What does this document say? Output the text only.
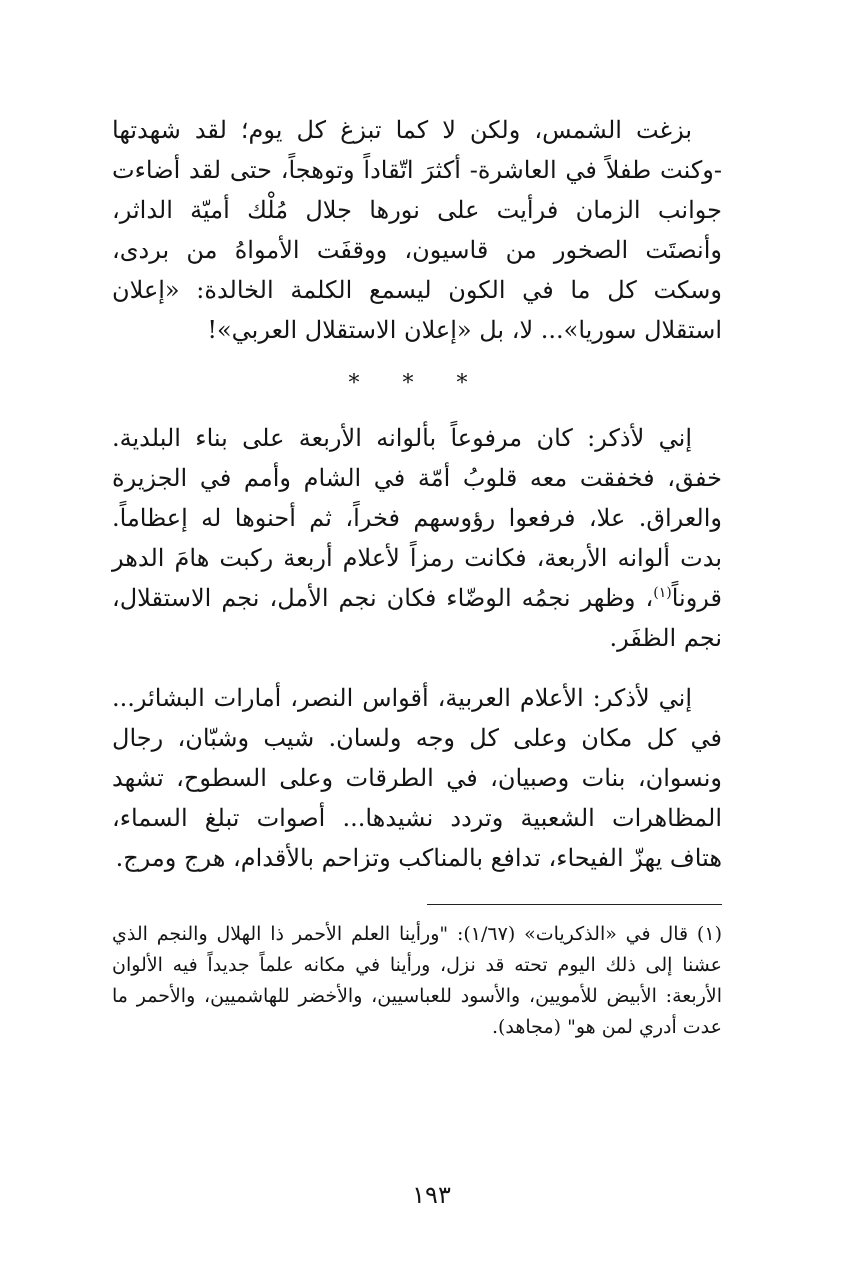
بزغت الشمس، ولكن لا كما تبزغ كل يوم؛ لقد شهدتها -وكنت طفلاً في العاشرة- أكثرَ اتّقاداً وتوهجاً، حتى لقد أضاءت جوانب الزمان فرأيت على نورها جلال مُلْك أميّة الداثر، وأنصتَت الصخور من قاسيون، ووقفَت الأمواهُ من بردى، وسكت كل ما في الكون ليسمع الكلمة الخالدة: «إعلان استقلال سوريا»... لا، بل «إعلان الاستقلال العربي»!

* * *

إني لأذكر: كان مرفوعاً بألوانه الأربعة على بناء البلدية. خفق، فخفقت معه قلوبُ أمّة في الشام وأمم في الجزيرة والعراق. علا، فرفعوا رؤوسهم فخراً، ثم أحنوها له إعظاماً. بدت ألوانه الأربعة، فكانت رمزاً لأعلام أربعة ركبت هامَ الدهر قروناً$^{(١)}$، وظهر نجمُه الوضّاء فكان نجم الأمل، نجم الاستقلال، نجم الظفَر.

إني لأذكر: الأعلام العربية، أقواس النصر، أمارات البشائر... في كل مكان وعلى كل وجه ولسان. شيب وشبّان، رجال ونسوان، بنات وصبيان، في الطرقات وعلى السطوح، تشهد المظاهرات الشعبية وتردد نشيدها... أصوات تبلغ السماء، هتاف يهزّ الفيحاء، تدافع بالمناكب وتزاحم بالأقدام، هرج ومرج.

(١) قال في «الذكريات» (١/٦٧): "ورأينا العلم الأحمر ذا الهلال والنجم الذي عشنا إلى ذلك اليوم تحته قد نزل، ورأينا في مكانه علماً جديداً فيه الألوان الأربعة: الأبيض للأمويين، والأسود للعباسيين، والأخضر للهاشميين، والأحمر ما عدت أدري لمن هو" (مجاهد).

١٩٣
